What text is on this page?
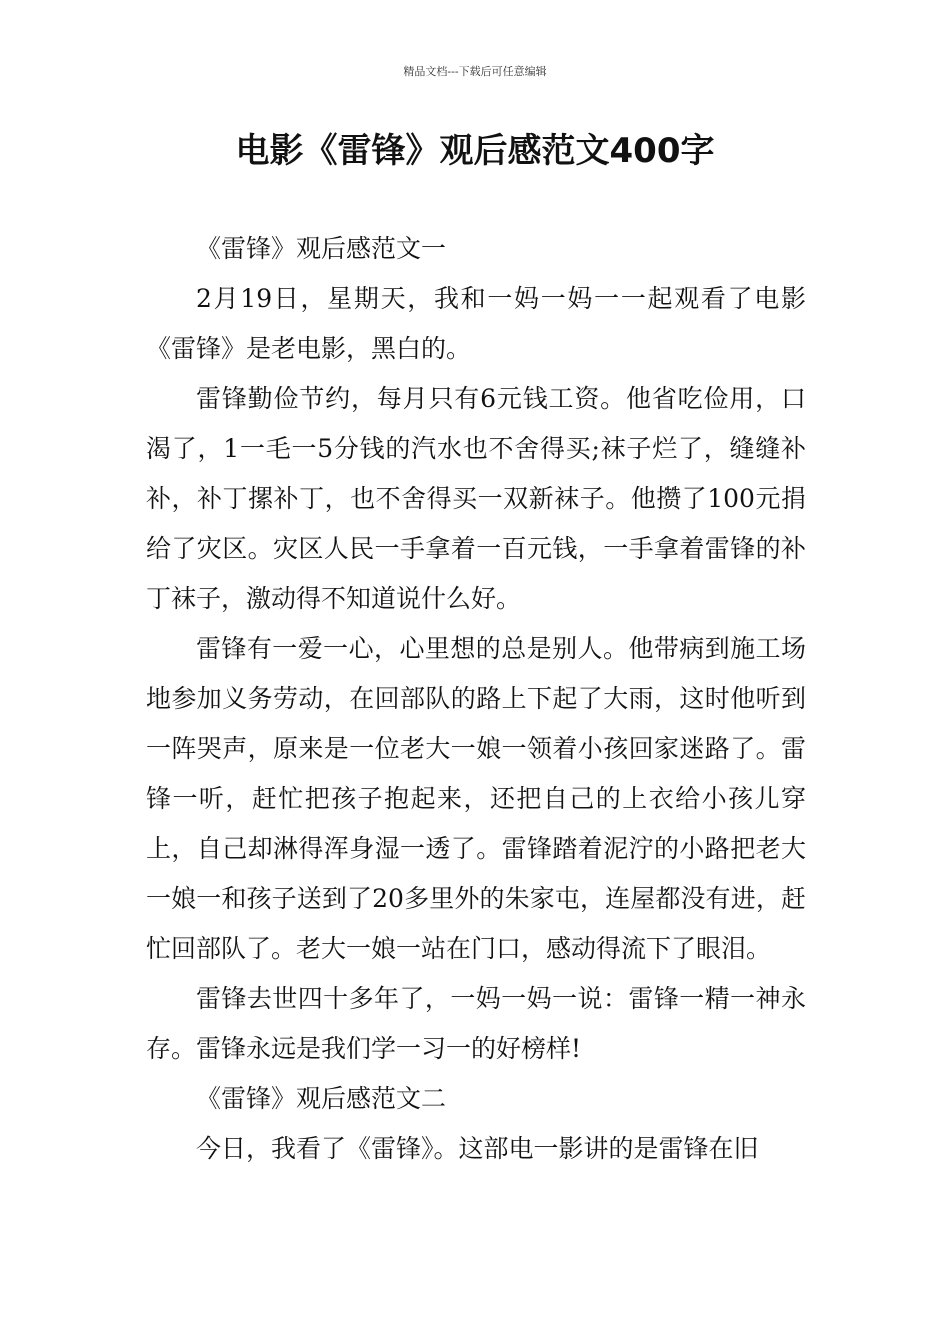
精品文档---下载后可任意编辑
电影《雷锋》观后感范文400字

《雷锋》观后感范文一

2月19日，星期天，我和一妈一妈一一起观看了电影《雷锋》是老电影，黑白的。

雷锋勤俭节约，每月只有6元钱工资。他省吃俭用，口渴了，1一毛一5分钱的汽水也不舍得买;袜子烂了，缝缝补补，补丁摞补丁，也不舍得买一双新袜子。他攒了100元捐给了灾区。灾区人民一手拿着一百元钱，一手拿着雷锋的补丁袜子，激动得不知道说什么好。

雷锋有一爱一心，心里想的总是别人。他带病到施工场地参加义务劳动，在回部队的路上下起了大雨，这时他听到一阵哭声，原来是一位老大一娘一领着小孩回家迷路了。雷锋一听，赶忙把孩子抱起来，还把自己的上衣给小孩儿穿上，自己却淋得浑身湿一透了。雷锋踏着泥泞的小路把老大一娘一和孩子送到了20多里外的朱家屯，连屋都没有进，赶忙回部队了。老大一娘一站在门口，感动得流下了眼泪。

雷锋去世四十多年了，一妈一妈一说：雷锋一精一神永存。雷锋永远是我们学一习一的好榜样!

《雷锋》观后感范文二

今日，我看了《雷锋》。这部电一影讲的是雷锋在旧
